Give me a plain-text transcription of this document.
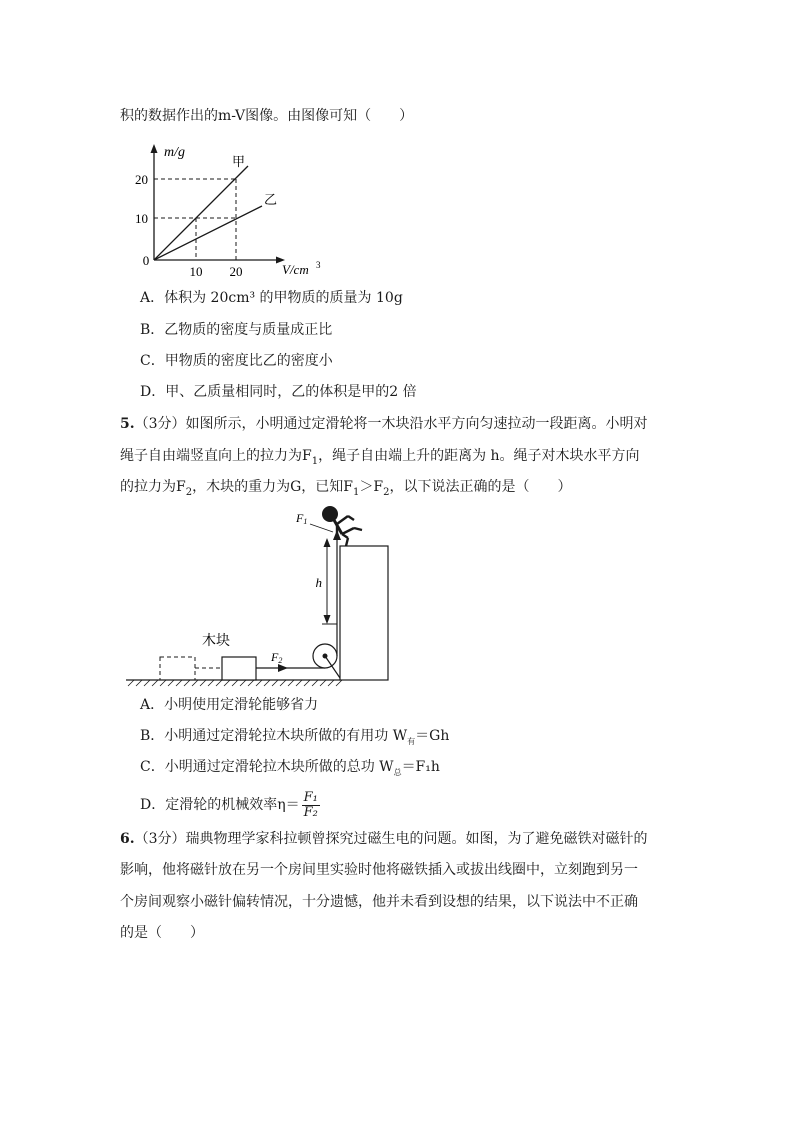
积的数据作出的m-V图像。由图像可知（　　）
m/g
V/cm 3
0
20
10
10 20
甲
乙
A．体积为 20cm³ 的甲物质的质量为 10g
B．乙物质的密度与质量成正比
C．甲物质的密度比乙的密度小
D．甲、乙质量相同时，乙的体积是甲的2 倍
5.（3分）如图所示，小明通过定滑轮将一木块沿水平方向匀速拉动一段距离。小明对
绳子自由端竖直向上的拉力为$F_1$，绳子自由端上升的距离为 h。绳子对木块水平方向
的拉力为$F_2$，木块的重力为G，已知$F_1>F_2$，以下说法正确的是（　　）
木块
F2
h
F1
A．小明使用定滑轮能够省力
B．小明通过定滑轮拉木块所做的有用功 $W_有=Gh$
C．小明通过定滑轮拉木块所做的总功 $W_总=F_1h$
D．定滑轮的机械效率$\eta= \frac{\text{F₁}}{\text{F₂}}$
6.（3分）瑞典物理学家科拉顿曾探究过磁生电的问题。如图，为了避免磁铁对磁针的
影响，他将磁针放在另一个房间里实验时他将磁铁插入或拔出线圈中，立刻跑到另一
个房间观察小磁针偏转情况，十分遗憾，他并未看到设想的结果，以下说法中不正确
的是（　　）
